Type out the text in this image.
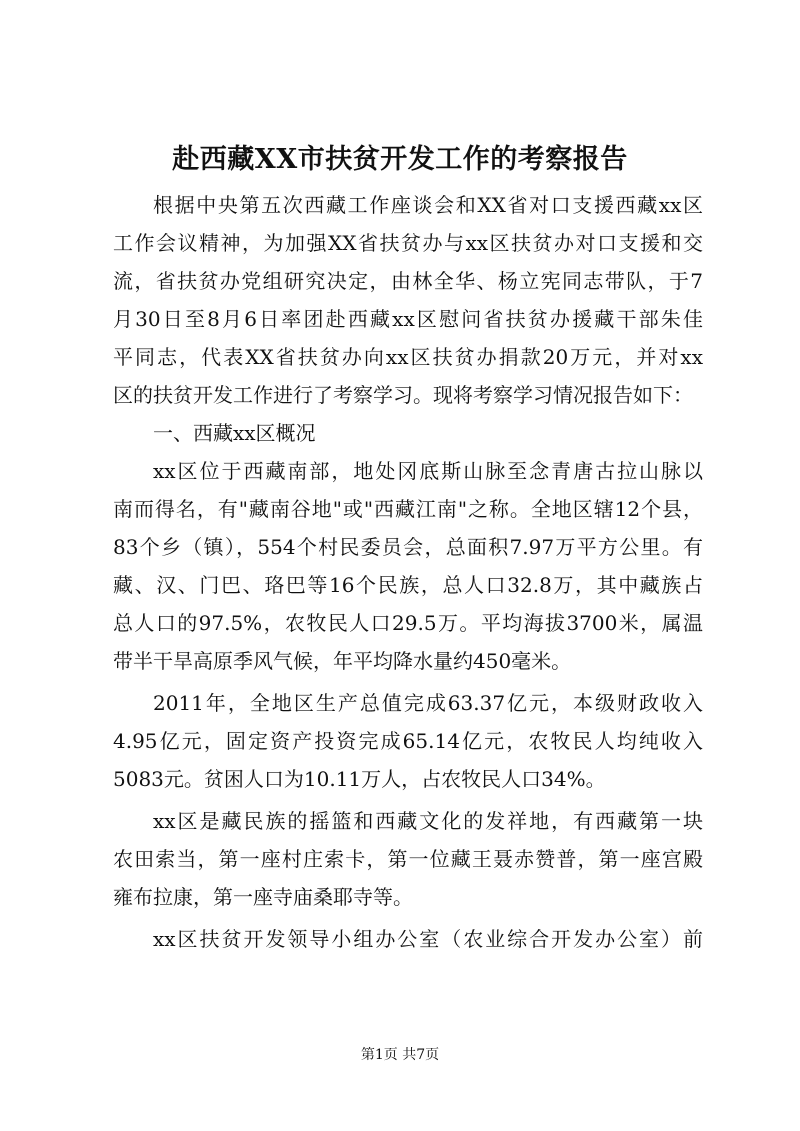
赴西藏XX市扶贫开发工作的考察报告
根据中央第五次西藏工作座谈会和XX省对口支援西藏xx区
工作会议精神，为加强XX省扶贫办与xx区扶贫办对口支援和交
流，省扶贫办党组研究决定，由林全华、杨立宪同志带队，于7
月30日至8月6日率团赴西藏xx区慰问省扶贫办援藏干部朱佳
平同志，代表XX省扶贫办向xx区扶贫办捐款20万元，并对xx
区的扶贫开发工作进行了考察学习。现将考察学习情况报告如下：
一、西藏xx区概况
xx区位于西藏南部，地处冈底斯山脉至念青唐古拉山脉以
南而得名，有"藏南谷地"或"西藏江南"之称。全地区辖12个县，
83个乡（镇），554个村民委员会，总面积7.97万平方公里。有
藏、汉、门巴、珞巴等16个民族，总人口32.8万，其中藏族占
总人口的97.5%，农牧民人口29.5万。平均海拔3700米，属温
带半干旱高原季风气候，年平均降水量约450毫米。
2011年，全地区生产总值完成63.37亿元，本级财政收入
4.95亿元，固定资产投资完成65.14亿元，农牧民人均纯收入
5083元。贫困人口为10.11万人，占农牧民人口34%。
xx区是藏民族的摇篮和西藏文化的发祥地，有西藏第一块
农田索当，第一座村庄索卡，第一位藏王聂赤赞普，第一座宫殿
雍布拉康，第一座寺庙桑耶寺等。
xx区扶贫开发领导小组办公室（农业综合开发办公室）前
第1页 共7页
